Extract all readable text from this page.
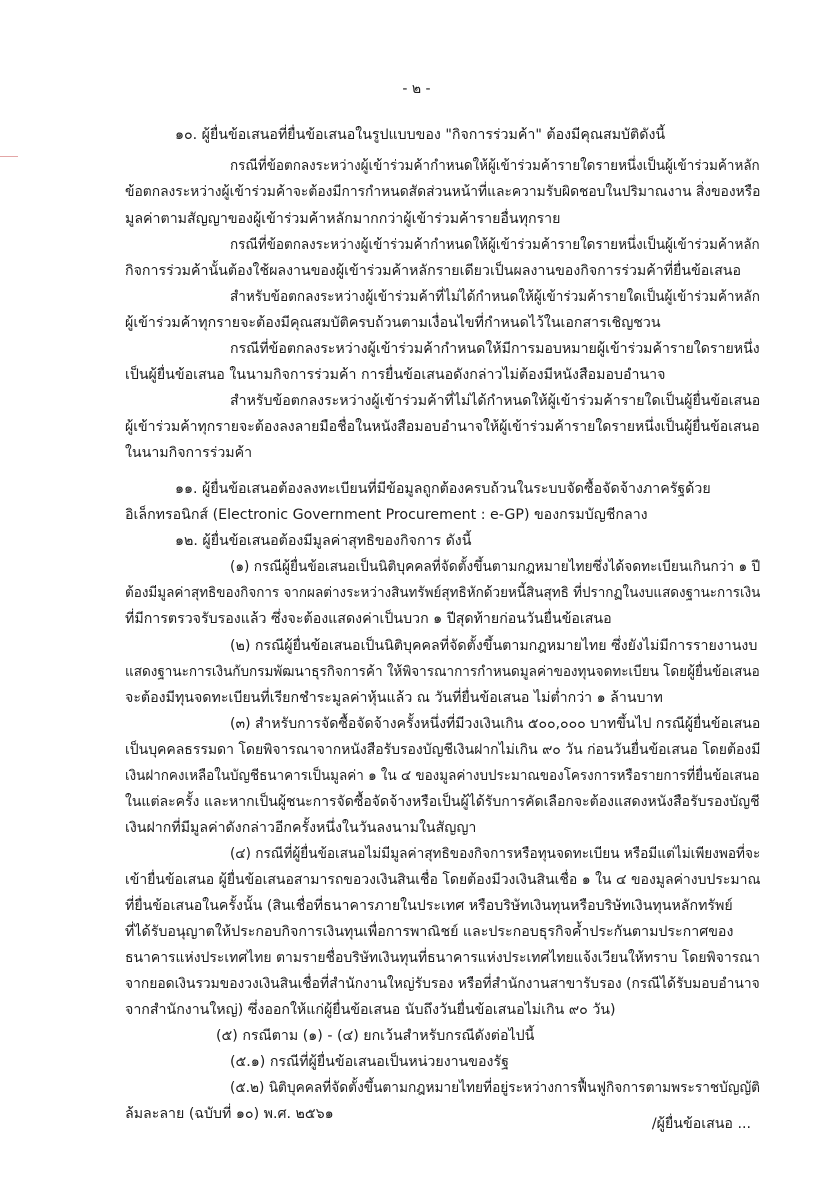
- ๒ -
๑๐. ผู้ยื่นข้อเสนอที่ยื่นข้อเสนอในรูปแบบของ "กิจการร่วมค้า" ต้องมีคุณสมบัติดังนี้
กรณีที่ข้อตกลงระหว่างผู้เข้าร่วมค้ากำหนดให้ผู้เข้าร่วมค้ารายใดรายหนึ่งเป็นผู้เข้าร่วมค้าหลัก
ข้อตกลงระหว่างผู้เข้าร่วมค้าจะต้องมีการกำหนดสัดส่วนหน้าที่และความรับผิดชอบในปริมาณงาน สิ่งของหรือ
มูลค่าตามสัญญาของผู้เข้าร่วมค้าหลักมากกว่าผู้เข้าร่วมค้ารายอื่นทุกราย
กรณีที่ข้อตกลงระหว่างผู้เข้าร่วมค้ากำหนดให้ผู้เข้าร่วมค้ารายใดรายหนึ่งเป็นผู้เข้าร่วมค้าหลัก
กิจการร่วมค้านั้นต้องใช้ผลงานของผู้เข้าร่วมค้าหลักรายเดียวเป็นผลงานของกิจการร่วมค้าที่ยื่นข้อเสนอ
สำหรับข้อตกลงระหว่างผู้เข้าร่วมค้าที่ไม่ได้กำหนดให้ผู้เข้าร่วมค้ารายใดเป็นผู้เข้าร่วมค้าหลัก
ผู้เข้าร่วมค้าทุกรายจะต้องมีคุณสมบัติครบถ้วนตามเงื่อนไขที่กำหนดไว้ในเอกสารเชิญชวน
กรณีที่ข้อตกลงระหว่างผู้เข้าร่วมค้ากำหนดให้มีการมอบหมายผู้เข้าร่วมค้ารายใดรายหนึ่ง
เป็นผู้ยื่นข้อเสนอ ในนามกิจการร่วมค้า การยื่นข้อเสนอดังกล่าวไม่ต้องมีหนังสือมอบอำนาจ
สำหรับข้อตกลงระหว่างผู้เข้าร่วมค้าที่ไม่ได้กำหนดให้ผู้เข้าร่วมค้ารายใดเป็นผู้ยื่นข้อเสนอ
ผู้เข้าร่วมค้าทุกรายจะต้องลงลายมือชื่อในหนังสือมอบอำนาจให้ผู้เข้าร่วมค้ารายใดรายหนึ่งเป็นผู้ยื่นข้อเสนอ
ในนามกิจการร่วมค้า
๑๑. ผู้ยื่นข้อเสนอต้องลงทะเบียนที่มีข้อมูลถูกต้องครบถ้วนในระบบจัดซื้อจัดจ้างภาครัฐด้วย
อิเล็กทรอนิกส์ (Electronic Government Procurement : e-GP) ของกรมบัญชีกลาง
๑๒. ผู้ยื่นข้อเสนอต้องมีมูลค่าสุทธิของกิจการ ดังนี้
(๑) กรณีผู้ยื่นข้อเสนอเป็นนิติบุคคลที่จัดตั้งขึ้นตามกฎหมายไทยซึ่งได้จดทะเบียนเกินกว่า ๑ ปี
ต้องมีมูลค่าสุทธิของกิจการ จากผลต่างระหว่างสินทรัพย์สุทธิหักด้วยหนี้สินสุทธิ ที่ปรากฏในงบแสดงฐานะการเงิน
ที่มีการตรวจรับรองแล้ว ซึ่งจะต้องแสดงค่าเป็นบวก ๑ ปีสุดท้ายก่อนวันยื่นข้อเสนอ
(๒) กรณีผู้ยื่นข้อเสนอเป็นนิติบุคคลที่จัดตั้งขึ้นตามกฎหมายไทย ซึ่งยังไม่มีการรายงานงบ
แสดงฐานะการเงินกับกรมพัฒนาธุรกิจการค้า ให้พิจารณาการกำหนดมูลค่าของทุนจดทะเบียน โดยผู้ยื่นข้อเสนอ
จะต้องมีทุนจดทะเบียนที่เรียกชำระมูลค่าหุ้นแล้ว ณ วันที่ยื่นข้อเสนอ ไม่ต่ำกว่า ๑ ล้านบาท
(๓) สำหรับการจัดซื้อจัดจ้างครั้งหนึ่งที่มีวงเงินเกิน ๕๐๐,๐๐๐ บาทขึ้นไป กรณีผู้ยื่นข้อเสนอ
เป็นบุคคลธรรมดา โดยพิจารณาจากหนังสือรับรองบัญชีเงินฝากไม่เกิน ๙๐ วัน ก่อนวันยื่นข้อเสนอ โดยต้องมี
เงินฝากคงเหลือในบัญชีธนาคารเป็นมูลค่า ๑ ใน ๔ ของมูลค่างบประมาณของโครงการหรือรายการที่ยื่นข้อเสนอ
ในแต่ละครั้ง และหากเป็นผู้ชนะการจัดซื้อจัดจ้างหรือเป็นผู้ได้รับการคัดเลือกจะต้องแสดงหนังสือรับรองบัญชี
เงินฝากที่มีมูลค่าดังกล่าวอีกครั้งหนึ่งในวันลงนามในสัญญา
(๔) กรณีที่ผู้ยื่นข้อเสนอไม่มีมูลค่าสุทธิของกิจการหรือทุนจดทะเบียน หรือมีแต่ไม่เพียงพอที่จะ
เข้ายื่นข้อเสนอ ผู้ยื่นข้อเสนอสามารถขอวงเงินสินเชื่อ โดยต้องมีวงเงินสินเชื่อ ๑ ใน ๔ ของมูลค่างบประมาณ
ที่ยื่นข้อเสนอในครั้งนั้น (สินเชื่อที่ธนาคารภายในประเทศ หรือบริษัทเงินทุนหรือบริษัทเงินทุนหลักทรัพย์
ที่ได้รับอนุญาตให้ประกอบกิจการเงินทุนเพื่อการพาณิชย์ และประกอบธุรกิจค้ำประกันตามประกาศของ
ธนาคารแห่งประเทศไทย ตามรายชื่อบริษัทเงินทุนที่ธนาคารแห่งประเทศไทยแจ้งเวียนให้ทราบ โดยพิจารณา
จากยอดเงินรวมของวงเงินสินเชื่อที่สำนักงานใหญ่รับรอง หรือที่สำนักงานสาขารับรอง (กรณีได้รับมอบอำนาจ
จากสำนักงานใหญ่) ซึ่งออกให้แก่ผู้ยื่นข้อเสนอ นับถึงวันยื่นข้อเสนอไม่เกิน ๙๐ วัน)
(๕) กรณีตาม (๑) - (๔) ยกเว้นสำหรับกรณีดังต่อไปนี้
(๕.๑) กรณีที่ผู้ยื่นข้อเสนอเป็นหน่วยงานของรัฐ
(๕.๒) นิติบุคคลที่จัดตั้งขึ้นตามกฎหมายไทยที่อยู่ระหว่างการฟื้นฟูกิจการตามพระราชบัญญัติ
ล้มละลาย (ฉบับที่ ๑๐) พ.ศ. ๒๕๖๑
/ผู้ยื่นข้อเสนอ ...
